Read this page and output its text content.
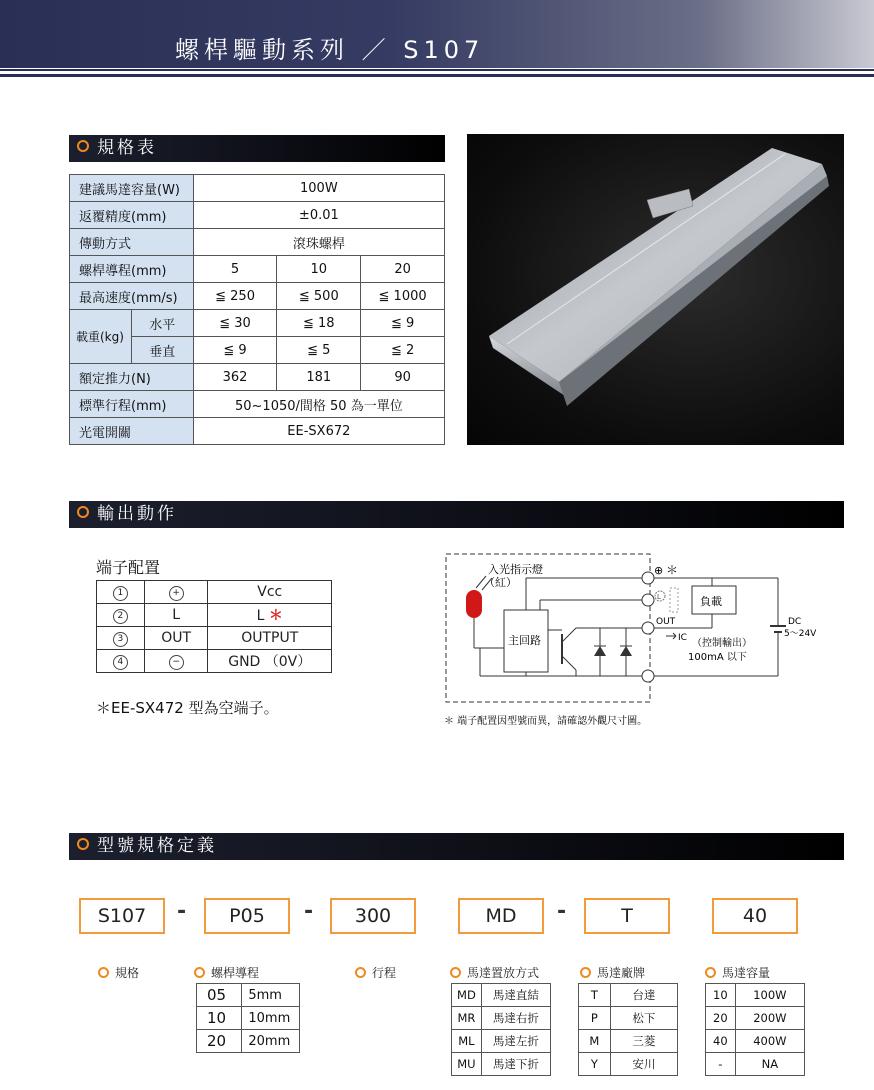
螺桿驅動系列 ／ S107
規格表
建議馬達容量(W)		100W		
返覆精度(mm)		±0.01		
傳動方式		滾珠螺桿		
螺桿導程(mm)		5	10	20
最高速度(mm/s)		≦ 250	≦ 500	≦ 1000
載重(kg)	水平	≦ 30	≦ 18	≦ 9
	垂直	≦ 9	≦ 5	≦ 2
額定推力(N)		362	181	90
標準行程(mm)		50~1050/間格 50 為一單位		
光電開關		EE-SX672		
輸出動作
端子配置
1	+	Vcc
2	L	L ＊
3	OUT	OUTPUT
4	−	GND （0V）
＊EE-SX472 型為空端子。
入光指示燈
（紅）
主回路
⊕ ＊
L	負載
OUT
IC （控制輸出）
100mA 以下
DC
5～24V
＊ 端子配置因型號而異，請確認外觀尺寸圖。
型號規格定義
S107	-	P05	-	300	MD	-	T	40
規格	螺桿導程	行程	馬達置放方式	馬達廠牌	馬達容量
05	5mm
10	10mm
20	20mm
MD	馬達直結
MR	馬達右折
ML	馬達左折
MU	馬達下折
T	台達
P	松下
M	三菱
Y	安川
10	100W
20	200W
40	400W
-	NA
